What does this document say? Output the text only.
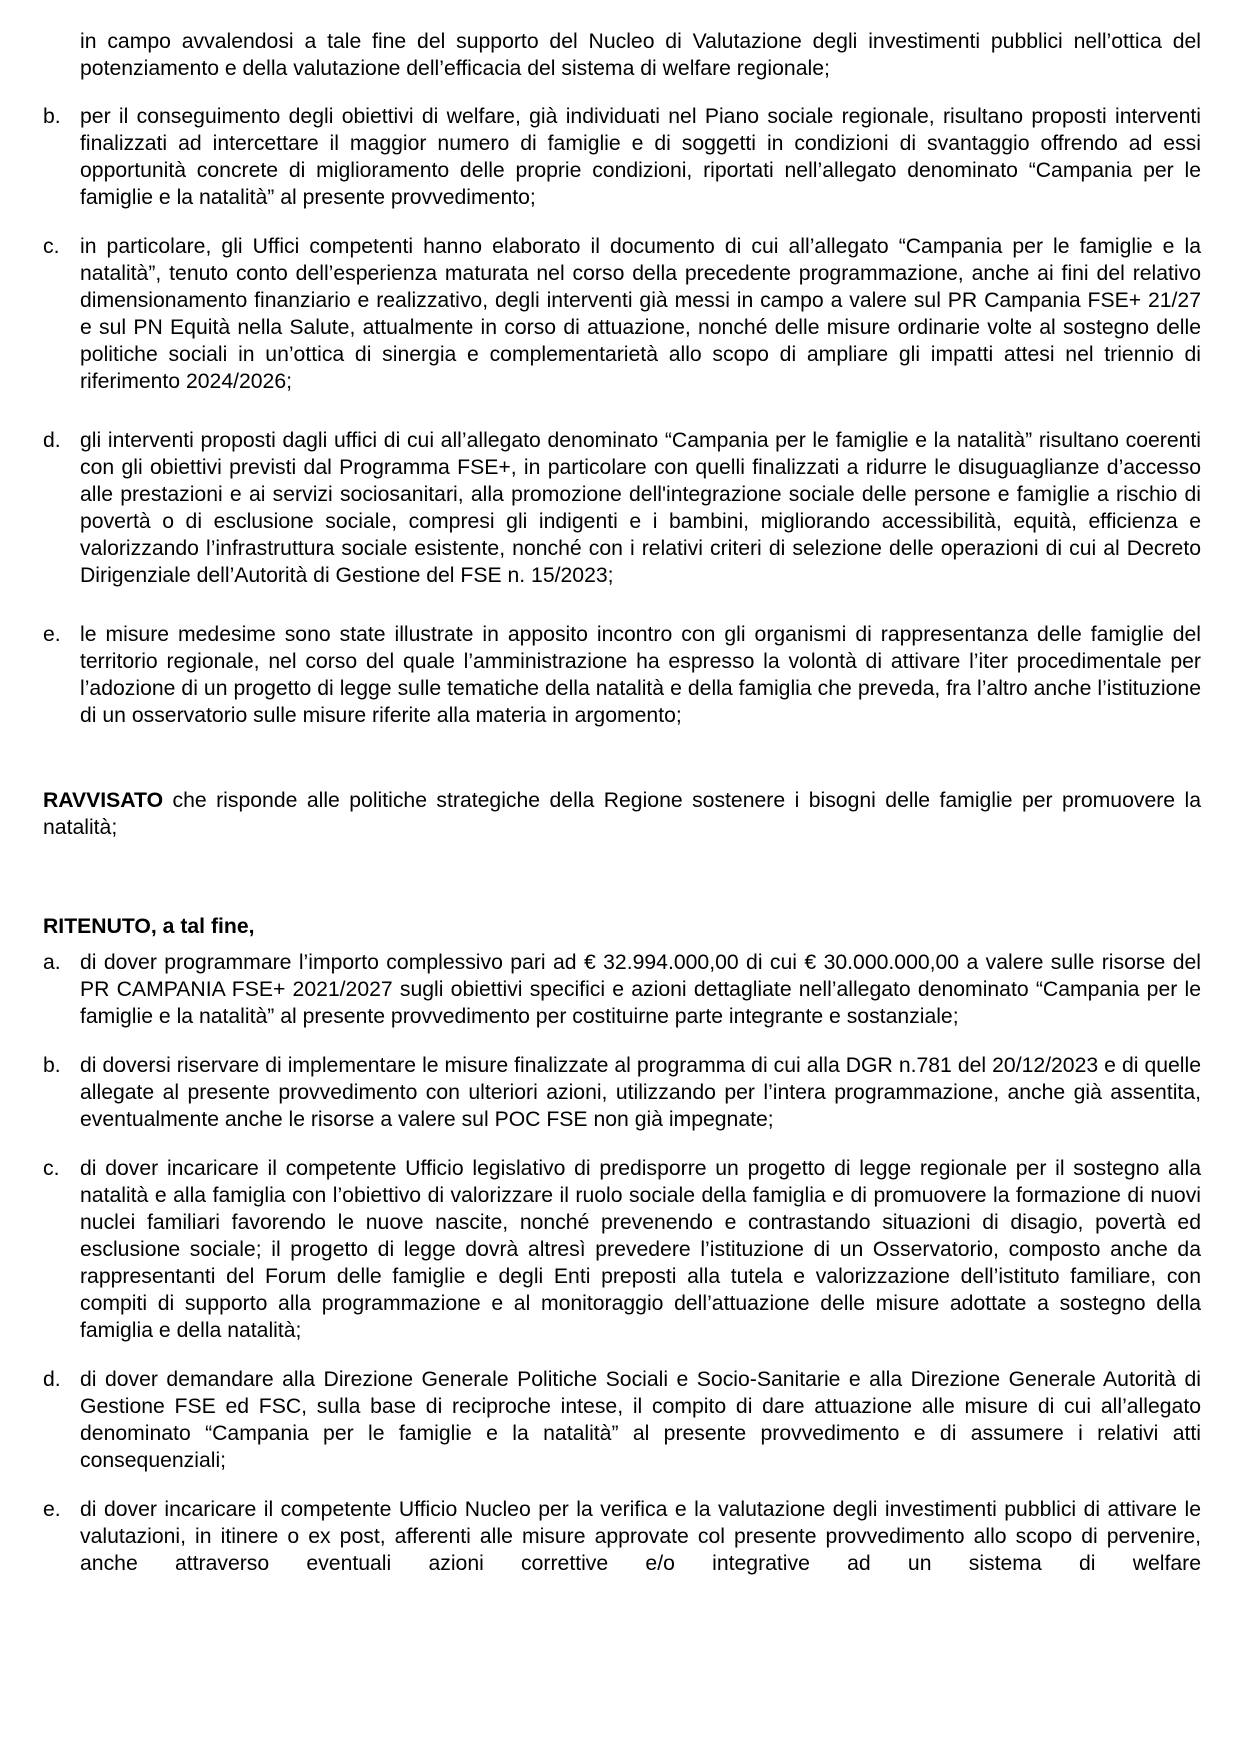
in campo avvalendosi a tale fine del supporto del Nucleo di Valutazione degli investimenti pubblici nell’ottica del potenziamento e della valutazione dell’efficacia del sistema di welfare regionale;
b. per il conseguimento degli obiettivi di welfare, già individuati nel Piano sociale regionale, risultano proposti interventi finalizzati ad intercettare il maggior numero di famiglie e di soggetti in condizioni di svantaggio offrendo ad essi opportunità concrete di miglioramento delle proprie condizioni, riportati nell’allegato denominato “Campania per le famiglie e la natalità” al presente provvedimento;
c. in particolare, gli Uffici competenti hanno elaborato il documento di cui all’allegato “Campania per le famiglie e la natalità”, tenuto conto dell’esperienza maturata nel corso della precedente programmazione, anche ai fini del relativo dimensionamento finanziario e realizzativo, degli interventi già messi in campo a valere sul PR Campania FSE+ 21/27 e sul PN Equità nella Salute, attualmente in corso di attuazione, nonché delle misure ordinarie volte al sostegno delle politiche sociali in un’ottica di sinergia e complementarietà allo scopo di ampliare gli impatti attesi nel triennio di riferimento 2024/2026;
d. gli interventi proposti dagli uffici di cui all’allegato denominato “Campania per le famiglie e la natalità” risultano coerenti con gli obiettivi previsti dal Programma FSE+, in particolare con quelli finalizzati a ridurre le disuguaglianze d’accesso alle prestazioni e ai servizi sociosanitari, alla promozione dell'integrazione sociale delle persone e famiglie a rischio di povertà o di esclusione sociale, compresi gli indigenti e i bambini, migliorando accessibilità, equità, efficienza e valorizzando l’infrastruttura sociale esistente, nonché con i relativi criteri di selezione delle operazioni di cui al Decreto Dirigenziale dell’Autorità di Gestione del FSE n. 15/2023;
e. le misure medesime sono state illustrate in apposito incontro con gli organismi di rappresentanza delle famiglie del territorio regionale, nel corso del quale l’amministrazione ha espresso la volontà di attivare l’iter procedimentale per l’adozione di un progetto di legge sulle tematiche della natalità e della famiglia che preveda, fra l’altro anche l’istituzione di un osservatorio sulle misure riferite alla materia in argomento;
RAVVISATO che risponde alle politiche strategiche della Regione sostenere i bisogni delle famiglie per promuovere la natalità;
RITENUTO, a tal fine,
a. di dover programmare l’importo complessivo pari ad € 32.994.000,00 di cui € 30.000.000,00 a valere sulle risorse del PR CAMPANIA FSE+ 2021/2027 sugli obiettivi specifici e azioni dettagliate nell’allegato denominato “Campania per le famiglie e la natalità” al presente provvedimento per costituirne parte integrante e sostanziale;
b. di doversi riservare di implementare le misure finalizzate al programma di cui alla DGR n.781 del 20/12/2023 e di quelle allegate al presente provvedimento con ulteriori azioni, utilizzando per l’intera programmazione, anche già assentita, eventualmente anche le risorse a valere sul POC FSE non già impegnate;
c. di dover incaricare il competente Ufficio legislativo di predisporre un progetto di legge regionale per il sostegno alla natalità e alla famiglia con l’obiettivo di valorizzare il ruolo sociale della famiglia e di promuovere la formazione di nuovi nuclei familiari favorendo le nuove nascite, nonché prevenendo e contrastando situazioni di disagio, povertà ed esclusione sociale; il progetto di legge dovrà altresì prevedere l’istituzione di un Osservatorio, composto anche da rappresentanti del Forum delle famiglie e degli Enti preposti alla tutela e valorizzazione dell’istituto familiare, con compiti di supporto alla programmazione e al monitoraggio dell’attuazione delle misure adottate a sostegno della famiglia e della natalità;
d. di dover demandare alla Direzione Generale Politiche Sociali e Socio-Sanitarie e alla Direzione Generale Autorità di Gestione FSE ed FSC, sulla base di reciproche intese, il compito di dare attuazione alle misure di cui all’allegato denominato “Campania per le famiglie e la natalità” al presente provvedimento e di assumere i relativi atti consequenziali;
e. di dover incaricare il competente Ufficio Nucleo per la verifica e la valutazione degli investimenti pubblici di attivare le valutazioni, in itinere o ex post, afferenti alle misure approvate col presente provvedimento allo scopo di pervenire, anche attraverso eventuali azioni correttive e/o integrative ad un sistema di welfare
